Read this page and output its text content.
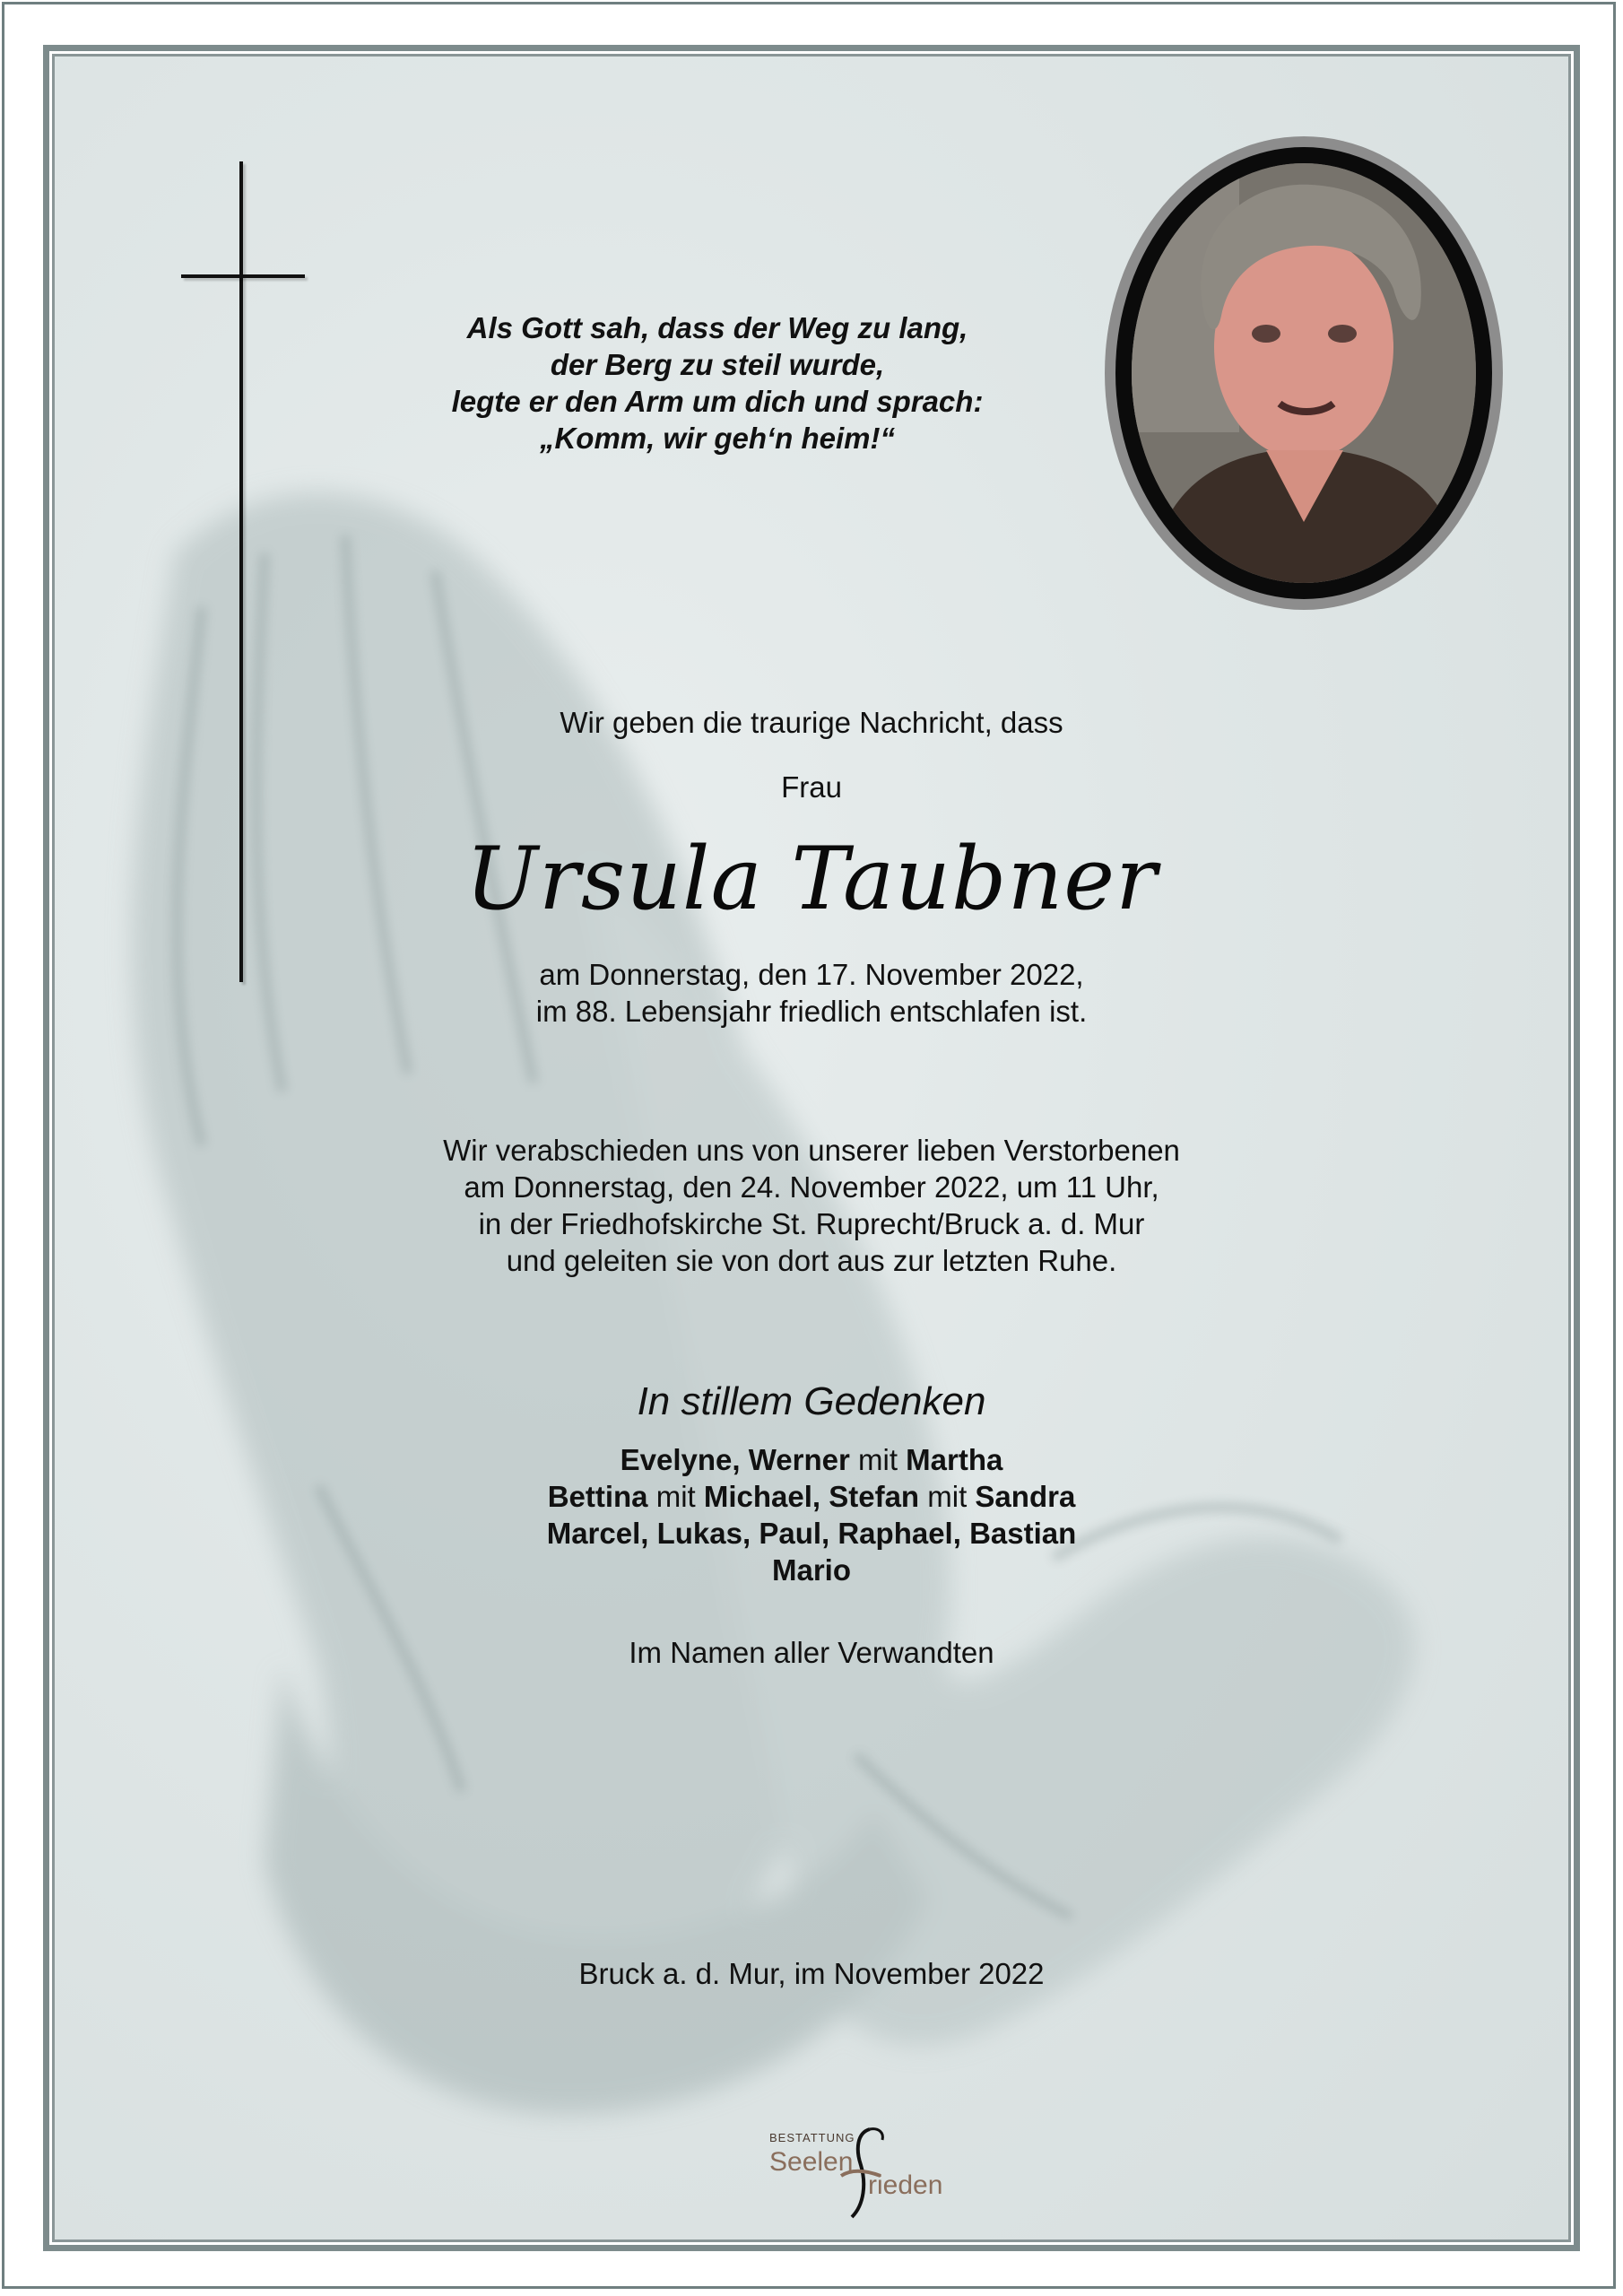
Als Gott sah, dass der Weg zu lang,
der Berg zu steil wurde,
legte er den Arm um dich und sprach:
„Komm, wir geh‘n heim!“
Wir geben die traurige Nachricht, dass
Frau
Ursula Taubner
am Donnerstag, den 17. November 2022,
im 88. Lebensjahr friedlich entschlafen ist.
Wir verabschieden uns von unserer lieben Verstorbenen
am Donnerstag, den 24. November 2022, um 11 Uhr,
in der Friedhofskirche St. Ruprecht/Bruck a. d. Mur
und geleiten sie von dort aus zur letzten Ruhe.
In stillem Gedenken
Evelyne, Werner mit Martha
Bettina mit Michael, Stefan mit Sandra
Marcel, Lukas, Paul, Raphael, Bastian
Mario
Im Namen aller Verwandten
Bruck a. d. Mur, im November 2022
BESTATTUNG
Seelen
rieden
